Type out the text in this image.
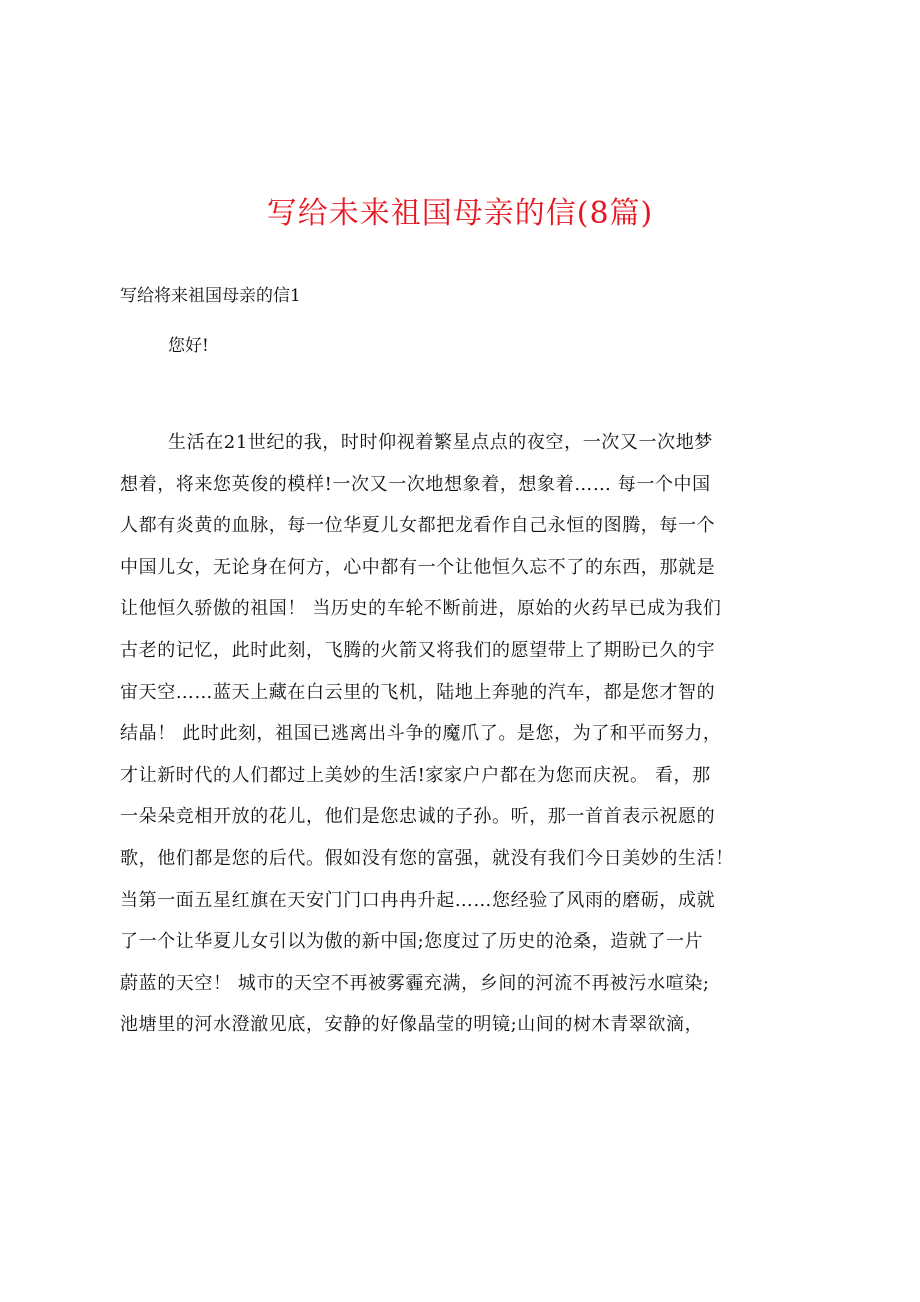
写给未来祖国母亲的信(8篇)

写给将来祖国母亲的信1

您好!

生活在21世纪的我，时时仰视着繁星点点的夜空，一次又一次地梦
想着，将来您英俊的模样!一次又一次地想象着，想象着…… 每一个中国
人都有炎黄的血脉，每一位华夏儿女都把龙看作自己永恒的图腾，每一个
中国儿女，无论身在何方，心中都有一个让他恒久忘不了的东西，那就是
让他恒久骄傲的祖国！ 当历史的车轮不断前进，原始的火药早已成为我们
古老的记忆，此时此刻，飞腾的火箭又将我们的愿望带上了期盼已久的宇
宙天空……蓝天上藏在白云里的飞机，陆地上奔驰的汽车，都是您才智的
结晶！ 此时此刻，祖国已逃离出斗争的魔爪了。是您，为了和平而努力，
才让新时代的人们都过上美妙的生活!家家户户都在为您而庆祝。 看，那
一朵朵竞相开放的花儿，他们是您忠诚的子孙。听，那一首首表示祝愿的
歌，他们都是您的后代。假如没有您的富强，就没有我们今日美妙的生活！
当第一面五星红旗在天安门门口冉冉升起……您经验了风雨的磨砺，成就
了一个让华夏儿女引以为傲的新中国;您度过了历史的沧桑，造就了一片
蔚蓝的天空！ 城市的天空不再被雾霾充满，乡间的河流不再被污水喧染;
池塘里的河水澄澈见底，安静的好像晶莹的明镜;山间的树木青翠欲滴，
